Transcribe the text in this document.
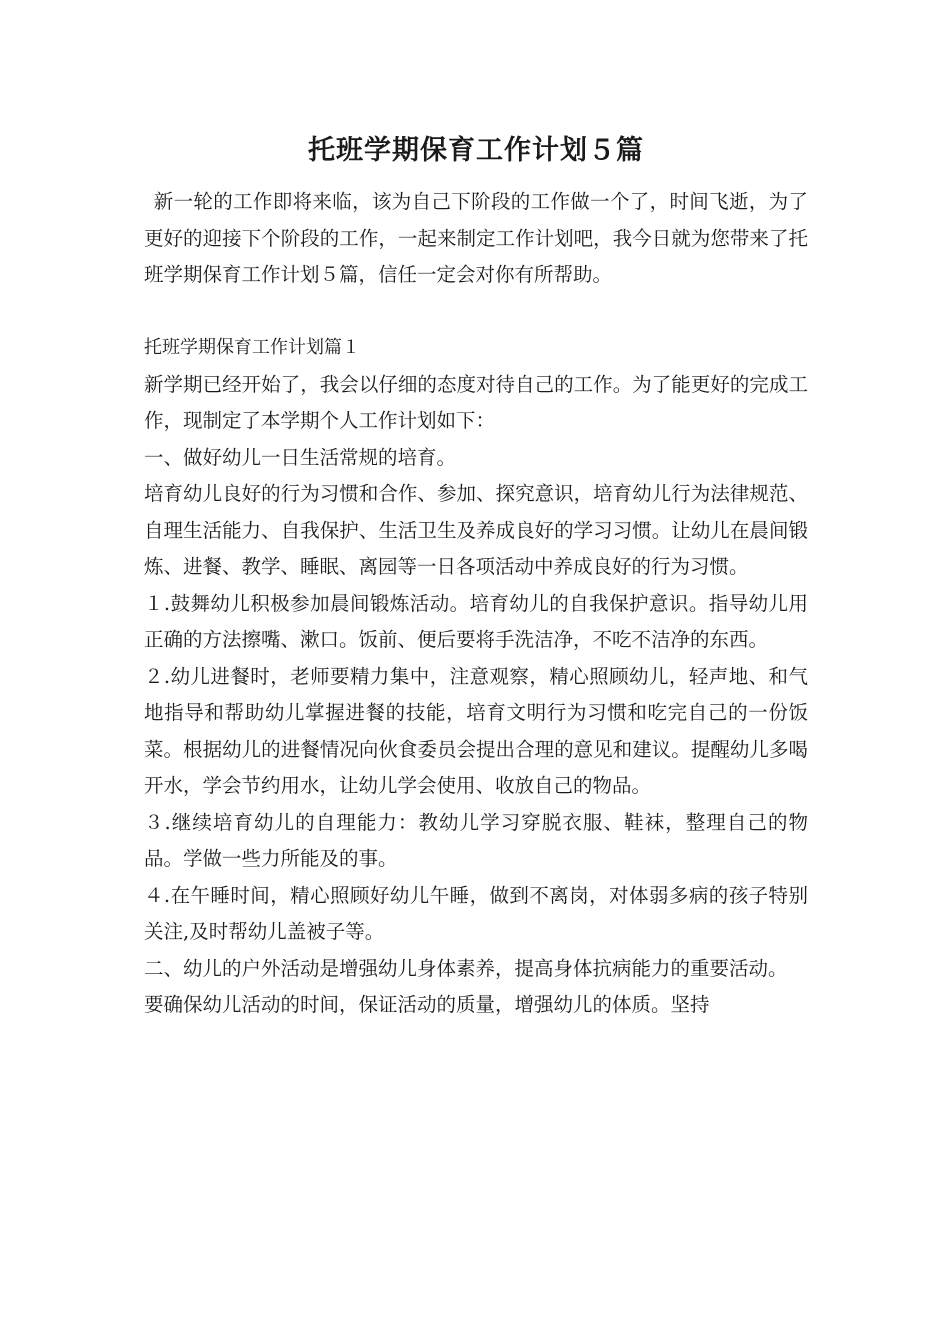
托班学期保育工作计划５篇

新一轮的工作即将来临，该为自己下阶段的工作做一个了，时间飞逝，为了更好的迎接下个阶段的工作，一起来制定工作计划吧，我今日就为您带来了托班学期保育工作计划５篇，信任一定会对你有所帮助。

托班学期保育工作计划篇１

新学期已经开始了，我会以仔细的态度对待自己的工作。为了能更好的完成工作，现制定了本学期个人工作计划如下：

一、做好幼儿一日生活常规的培育。

培育幼儿良好的行为习惯和合作、参加、探究意识，培育幼儿行为法律规范、自理生活能力、自我保护、生活卫生及养成良好的学习习惯。让幼儿在晨间锻炼、进餐、教学、睡眠、离园等一日各项活动中养成良好的行为习惯。

１.鼓舞幼儿积极参加晨间锻炼活动。培育幼儿的自我保护意识。指导幼儿用正确的方法擦嘴、漱口。饭前、便后要将手洗洁净，不吃不洁净的东西。

２.幼儿进餐时，老师要精力集中，注意观察，精心照顾幼儿，轻声地、和气地指导和帮助幼儿掌握进餐的技能，培育文明行为习惯和吃完自己的一份饭菜。根据幼儿的进餐情况向伙食委员会提出合理的意见和建议。提醒幼儿多喝开水，学会节约用水，让幼儿学会使用、收放自己的物品。

３.继续培育幼儿的自理能力：教幼儿学习穿脱衣服、鞋袜，整理自己的物品。学做一些力所能及的事。

４.在午睡时间，精心照顾好幼儿午睡，做到不离岗，对体弱多病的孩子特别关注,及时帮幼儿盖被子等。

二、幼儿的户外活动是增强幼儿身体素养，提高身体抗病能力的重要活动。

要确保幼儿活动的时间，保证活动的质量，增强幼儿的体质。坚持
